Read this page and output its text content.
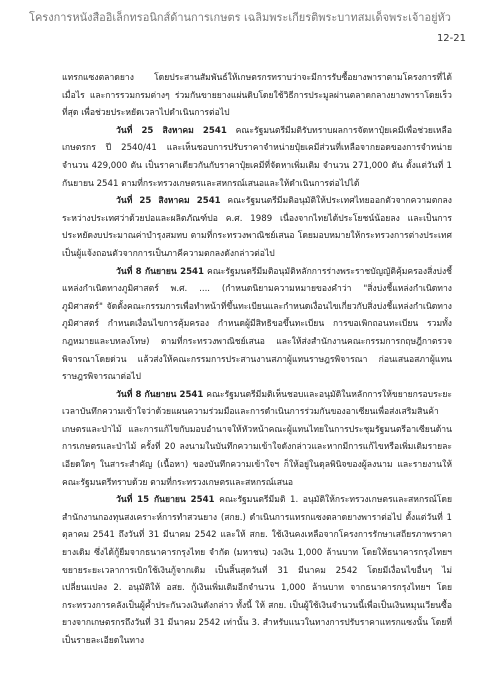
โครงการหนังสืออิเล็กทรอนิกส์ด้านการเกษตร เฉลิมพระเกียรติพระบาทสมเด็จพระเจ้าอยู่หัว
12-21

แทรกแซงตลาดยาง โดยประสานสัมพันธ์ให้เกษตรกรทราบว่าจะมีการรับซื้อยางพาราตามโครงการที่ได้เมื่อไร และการรวมกรมต่างๆ ร่วมกันขายยางแผ่นดิบโดยใช้วิธีการประมูลผ่านตลาดกลางยางพาราโดยเร็วที่สุด เพื่อช่วยประหยัดเวลาไปดำเนินการต่อไป

วันที่ 25 สิงหาคม 2541 คณะรัฐมนตรีมีมติรับทราบผลการจัดหาปุ๋ยเคมีเพื่อช่วยเหลือเกษตรกร ปี 2540/41 และเห็นชอบการปรับราคาจำหน่ายปุ๋ยเคมีส่วนที่เหลือจากยอดของการจำหน่าย จำนวน 429,000 ตัน เป็นราคาเดียวกันกับราคาปุ๋ยเคมีที่จัดหาเพิ่มเติม จำนวน 271,000 ตัน ตั้งแต่วันที่ 1 กันยายน 2541 ตามที่กระทรวงเกษตรและสหกรณ์เสนอและให้ดำเนินการต่อไปได้

วันที่ 25 สิงหาคม 2541 คณะรัฐมนตรีมีมติอนุมัติให้ประเทศไทยออกตัวจากความตกลงระหว่างประเทศว่าด้วยปอและผลิตภัณฑ์ปอ ค.ศ. 1989 เนื่องจากไทยได้ประโยชน์น้อยลง และเป็นการประหยัดงบประมาณค่าบำรุงสมทบ ตามที่กระทรวงพาณิชย์เสนอ โดยมอบหมายให้กระทรวงการต่างประเทศเป็นผู้แจ้งถอนตัวจากการเป็นภาคีความตกลงดังกล่าวต่อไป

วันที่ 8 กันยายน 2541 คณะรัฐมนตรีมีมติอนุมัติหลักการร่างพระราชบัญญัติคุ้มครองสิ่งบ่งชี้แหล่งกำเนิดทางภูมิศาสตร์ พ.ศ. .... (กำหนดนิยามความหมายของคำว่า "สิ่งบ่งชี้แหล่งกำเนิดทางภูมิศาสตร์" จัดตั้งคณะกรรมการเพื่อทำหน้าที่ขึ้นทะเบียนและกำหนดเงื่อนไขเกี่ยวกับสิ่งบ่งชี้แหล่งกำเนิดทางภูมิศาสตร์ กำหนดเงื่อนไขการคุ้มครอง กำหนดผู้มีสิทธิขอขึ้นทะเบียน การขอเพิกถอนทะเบียน รวมทั้งกฎหมายและบทลงโทษ) ตามที่กระทรวงพาณิชย์เสนอ และให้ส่งสำนักงานคณะกรรมการกฤษฎีกาตรวจพิจารณาโดยด่วน แล้วส่งให้คณะกรรมการประสานงานสภาผู้แทนราษฎรพิจารณา ก่อนเสนอสภาผู้แทนราษฎรพิจารณาต่อไป

วันที่ 8 กันยายน 2541 คณะรัฐมนตรีมีมติเห็นชอบและอนุมัติในหลักการให้ขยายกรอบระยะเวลาบันทึกความเข้าใจว่าด้วยแผนความร่วมมือและการดำเนินการร่วมกันของอาเซียนเพื่อส่งเสริมสินค้าเกษตรและป่าไม้ และการแก้ไขกับมอบอำนาจให้หัวหน้าคณะผู้แทนไทยในการประชุมรัฐมนตรีอาเซียนด้านการเกษตรและป่าไม้ ครั้งที่ 20 ลงนามในบันทึกความเข้าใจดังกล่าวและหากมีการแก้ไขหรือเพิ่มเติมรายละเอียดใดๆ ในสาระสำคัญ (เนื้อหา) ของบันทึกความเข้าใจฯ ก็ให้อยู่ในดุลพินิจของผู้ลงนาม และรายงานให้คณะรัฐมนตรีทราบด้วย ตามที่กระทรวงเกษตรและสหกรณ์เสนอ

วันที่ 15 กันยายน 2541 คณะรัฐมนตรีมีมติ 1. อนุมัติให้กระทรวงเกษตรและสหกรณ์โดยสำนักงานกองทุนสงเคราะห์การทำสวนยาง (สกย.) ดำเนินการแทรกแซงตลาดยางพาราต่อไป ตั้งแต่วันที่ 1 ตุลาคม 2541 ถึงวันที่ 31 มีนาคม 2542 และให้ สกย. ใช้เงินคงเหลือจากโครงการรักษาเสถียรภาพราคายางเดิม ซึ่งได้กู้ยืมจากธนาคารกรุงไทย จำกัด (มหาชน) วงเงิน 1,000 ล้านบาท โดยให้ธนาคารกรุงไทยฯ ขยายระยะเวลาการเบิกใช้เงินกู้จากเดิม เป็นสิ้นสุดวันที่ 31 มีนาคม 2542 โดยมีเงื่อนไขอื่นๆ ไม่เปลี่ยนแปลง 2. อนุมัติให้ อสย. กู้เงินเพิ่มเติมอีกจำนวน 1,000 ล้านบาท จากธนาคารกรุงไทยฯ โดยกระทรวงการคลังเป็นผู้ค้ำประกันวงเงินดังกล่าว ทั้งนี้ ให้ สกย. เป็นผู้ใช้เงินจำนวนนี้เพื่อเป็นเงินหมุนเวียนซื้อยางจากเกษตรกรถึงวันที่ 31 มีนาคม 2542 เท่านั้น 3. สำหรับแนวในทางการปรับราคาแทรกแซงนั้น โดยที่เป็นรายละเอียดในทาง
